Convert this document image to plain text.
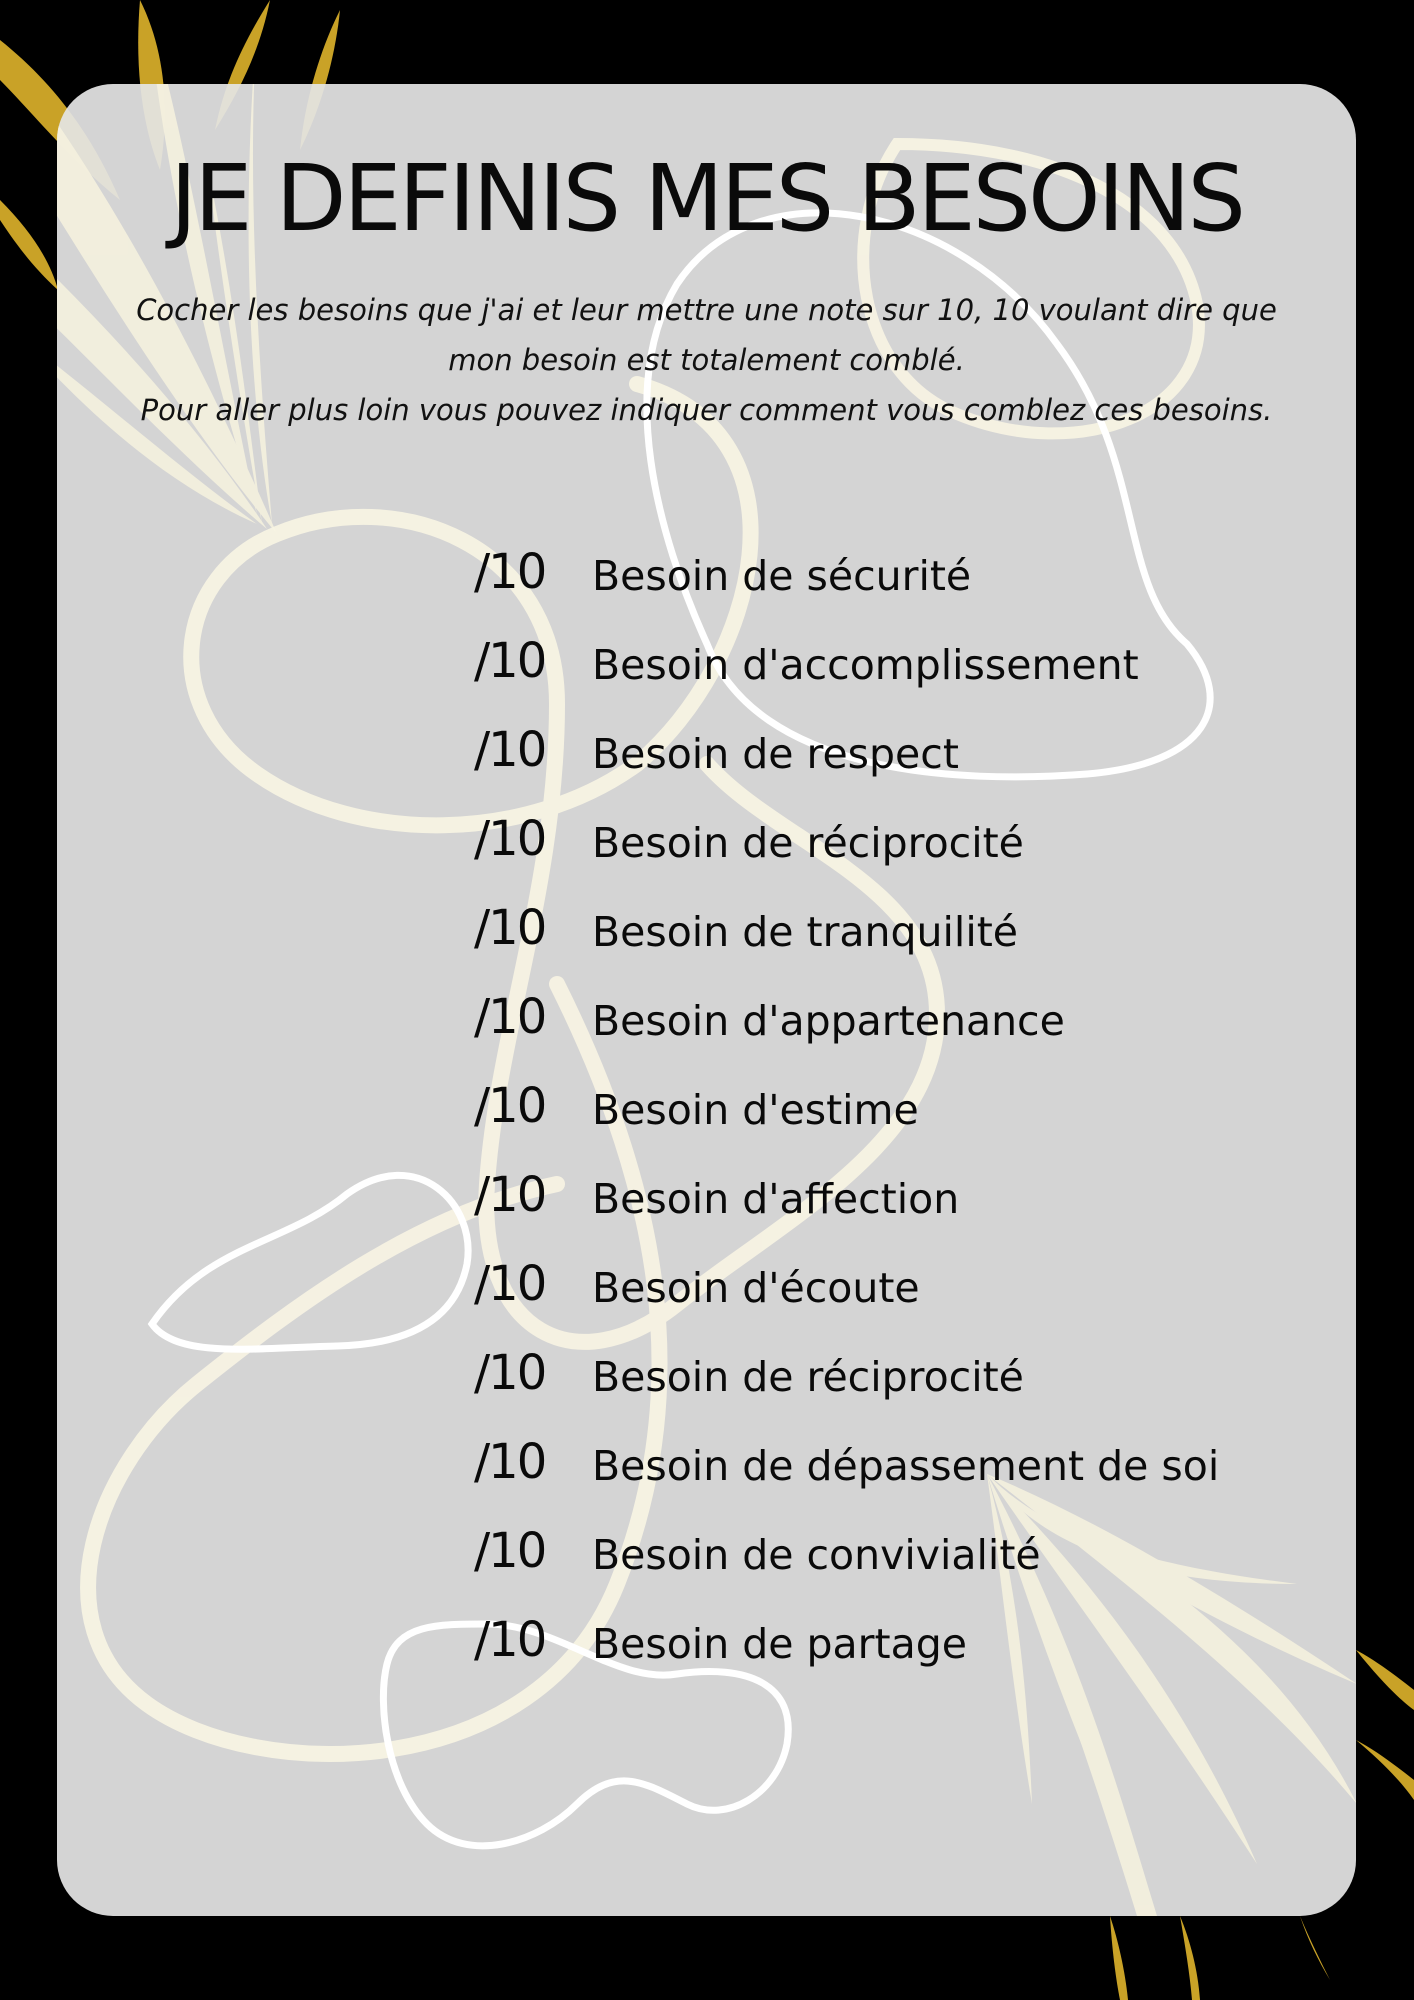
JE DEFINIS MES BESOINS

Cocher les besoins que j'ai et leur mettre une note sur 10, 10 voulant dire que mon besoin est totalement comblé.

Pour aller plus loin vous pouvez indiquer comment vous comblez ces besoins.

/10 Besoin de sécurité
/10 Besoin d'accomplissement
/10 Besoin de respect
/10 Besoin de réciprocité
/10 Besoin de tranquilité
/10 Besoin d'appartenance
/10 Besoin d'estime
/10 Besoin d'affection
/10 Besoin d'écoute
/10 Besoin de réciprocité
/10 Besoin de dépassement de soi
/10 Besoin de convivialité
/10 Besoin de partage
